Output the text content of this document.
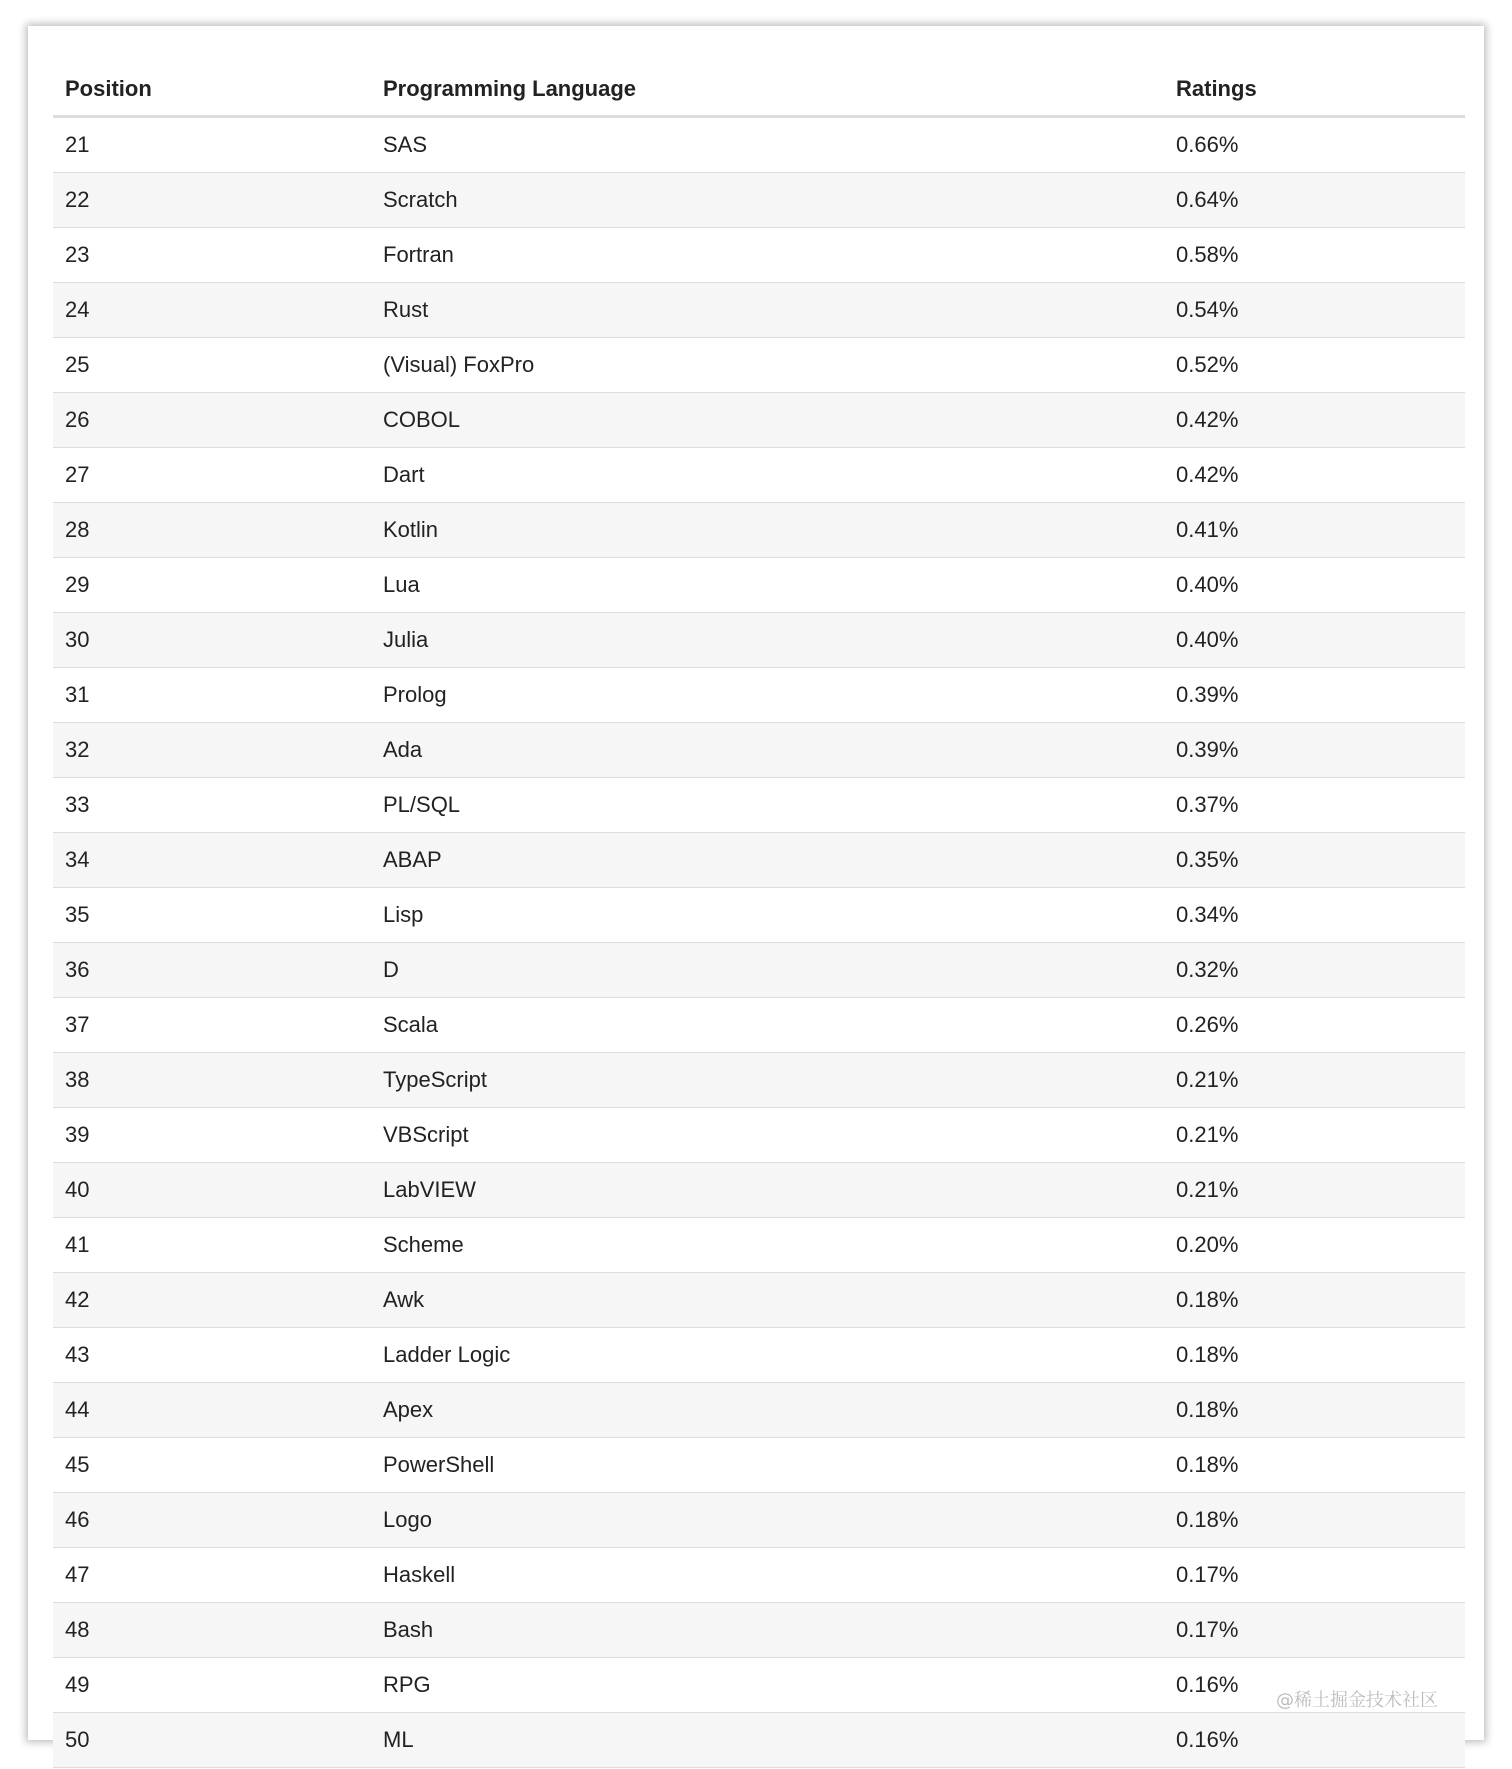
Position	Programming Language	Ratings
21	SAS	0.66%
22	Scratch	0.64%
23	Fortran	0.58%
24	Rust	0.54%
25	(Visual) FoxPro	0.52%
26	COBOL	0.42%
27	Dart	0.42%
28	Kotlin	0.41%
29	Lua	0.40%
30	Julia	0.40%
31	Prolog	0.39%
32	Ada	0.39%
33	PL/SQL	0.37%
34	ABAP	0.35%
35	Lisp	0.34%
36	D	0.32%
37	Scala	0.26%
38	TypeScript	0.21%
39	VBScript	0.21%
40	LabVIEW	0.21%
41	Scheme	0.20%
42	Awk	0.18%
43	Ladder Logic	0.18%
44	Apex	0.18%
45	PowerShell	0.18%
46	Logo	0.18%
47	Haskell	0.17%
48	Bash	0.17%
49	RPG	0.16%
50	ML	0.16%
@稀土掘金技术社区
